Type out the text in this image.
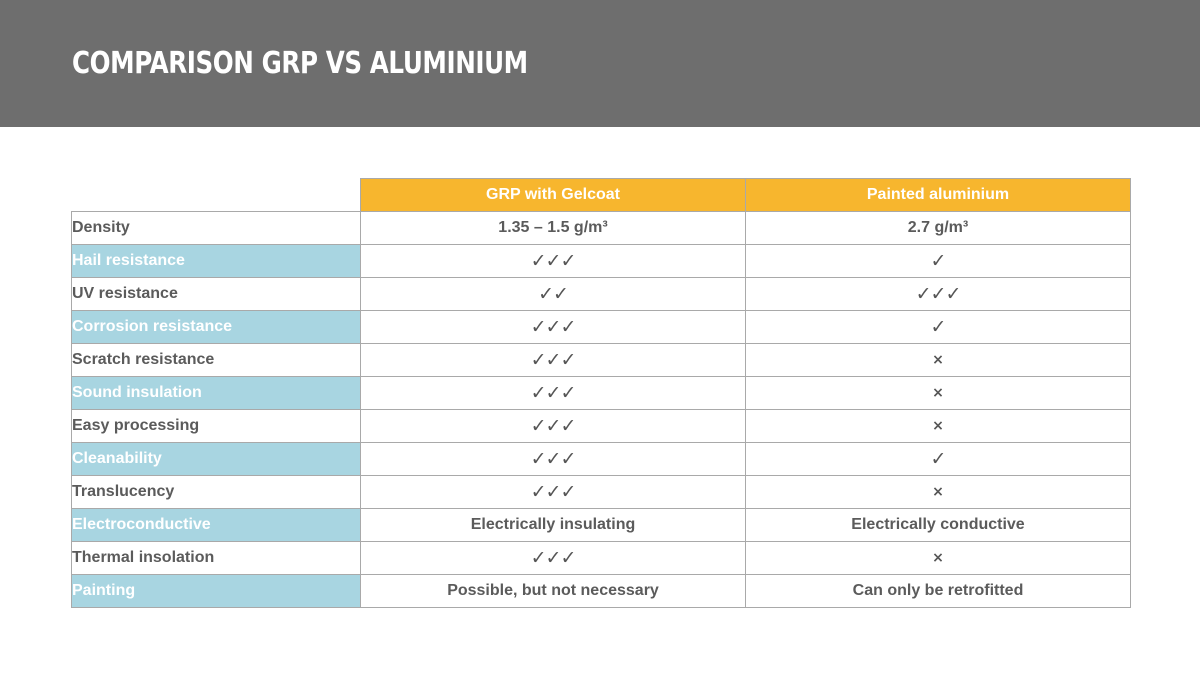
COMPARISON GRP VS ALUMINIUM
	GRP with Gelcoat	Painted aluminium
Density	1.35 – 1.5 g/m³	2.7 g/m³
Hail resistance	✓✓✓	✓
UV resistance	✓✓	✓✓✓
Corrosion resistance	✓✓✓	✓
Scratch resistance	✓✓✓	×
Sound insulation	✓✓✓	×
Easy processing	✓✓✓	×
Cleanability	✓✓✓	✓
Translucency	✓✓✓	×
Electroconductive	Electrically insulating	Electrically conductive
Thermal insolation	✓✓✓	×
Painting	Possible, but not necessary	Can only be retrofitted
